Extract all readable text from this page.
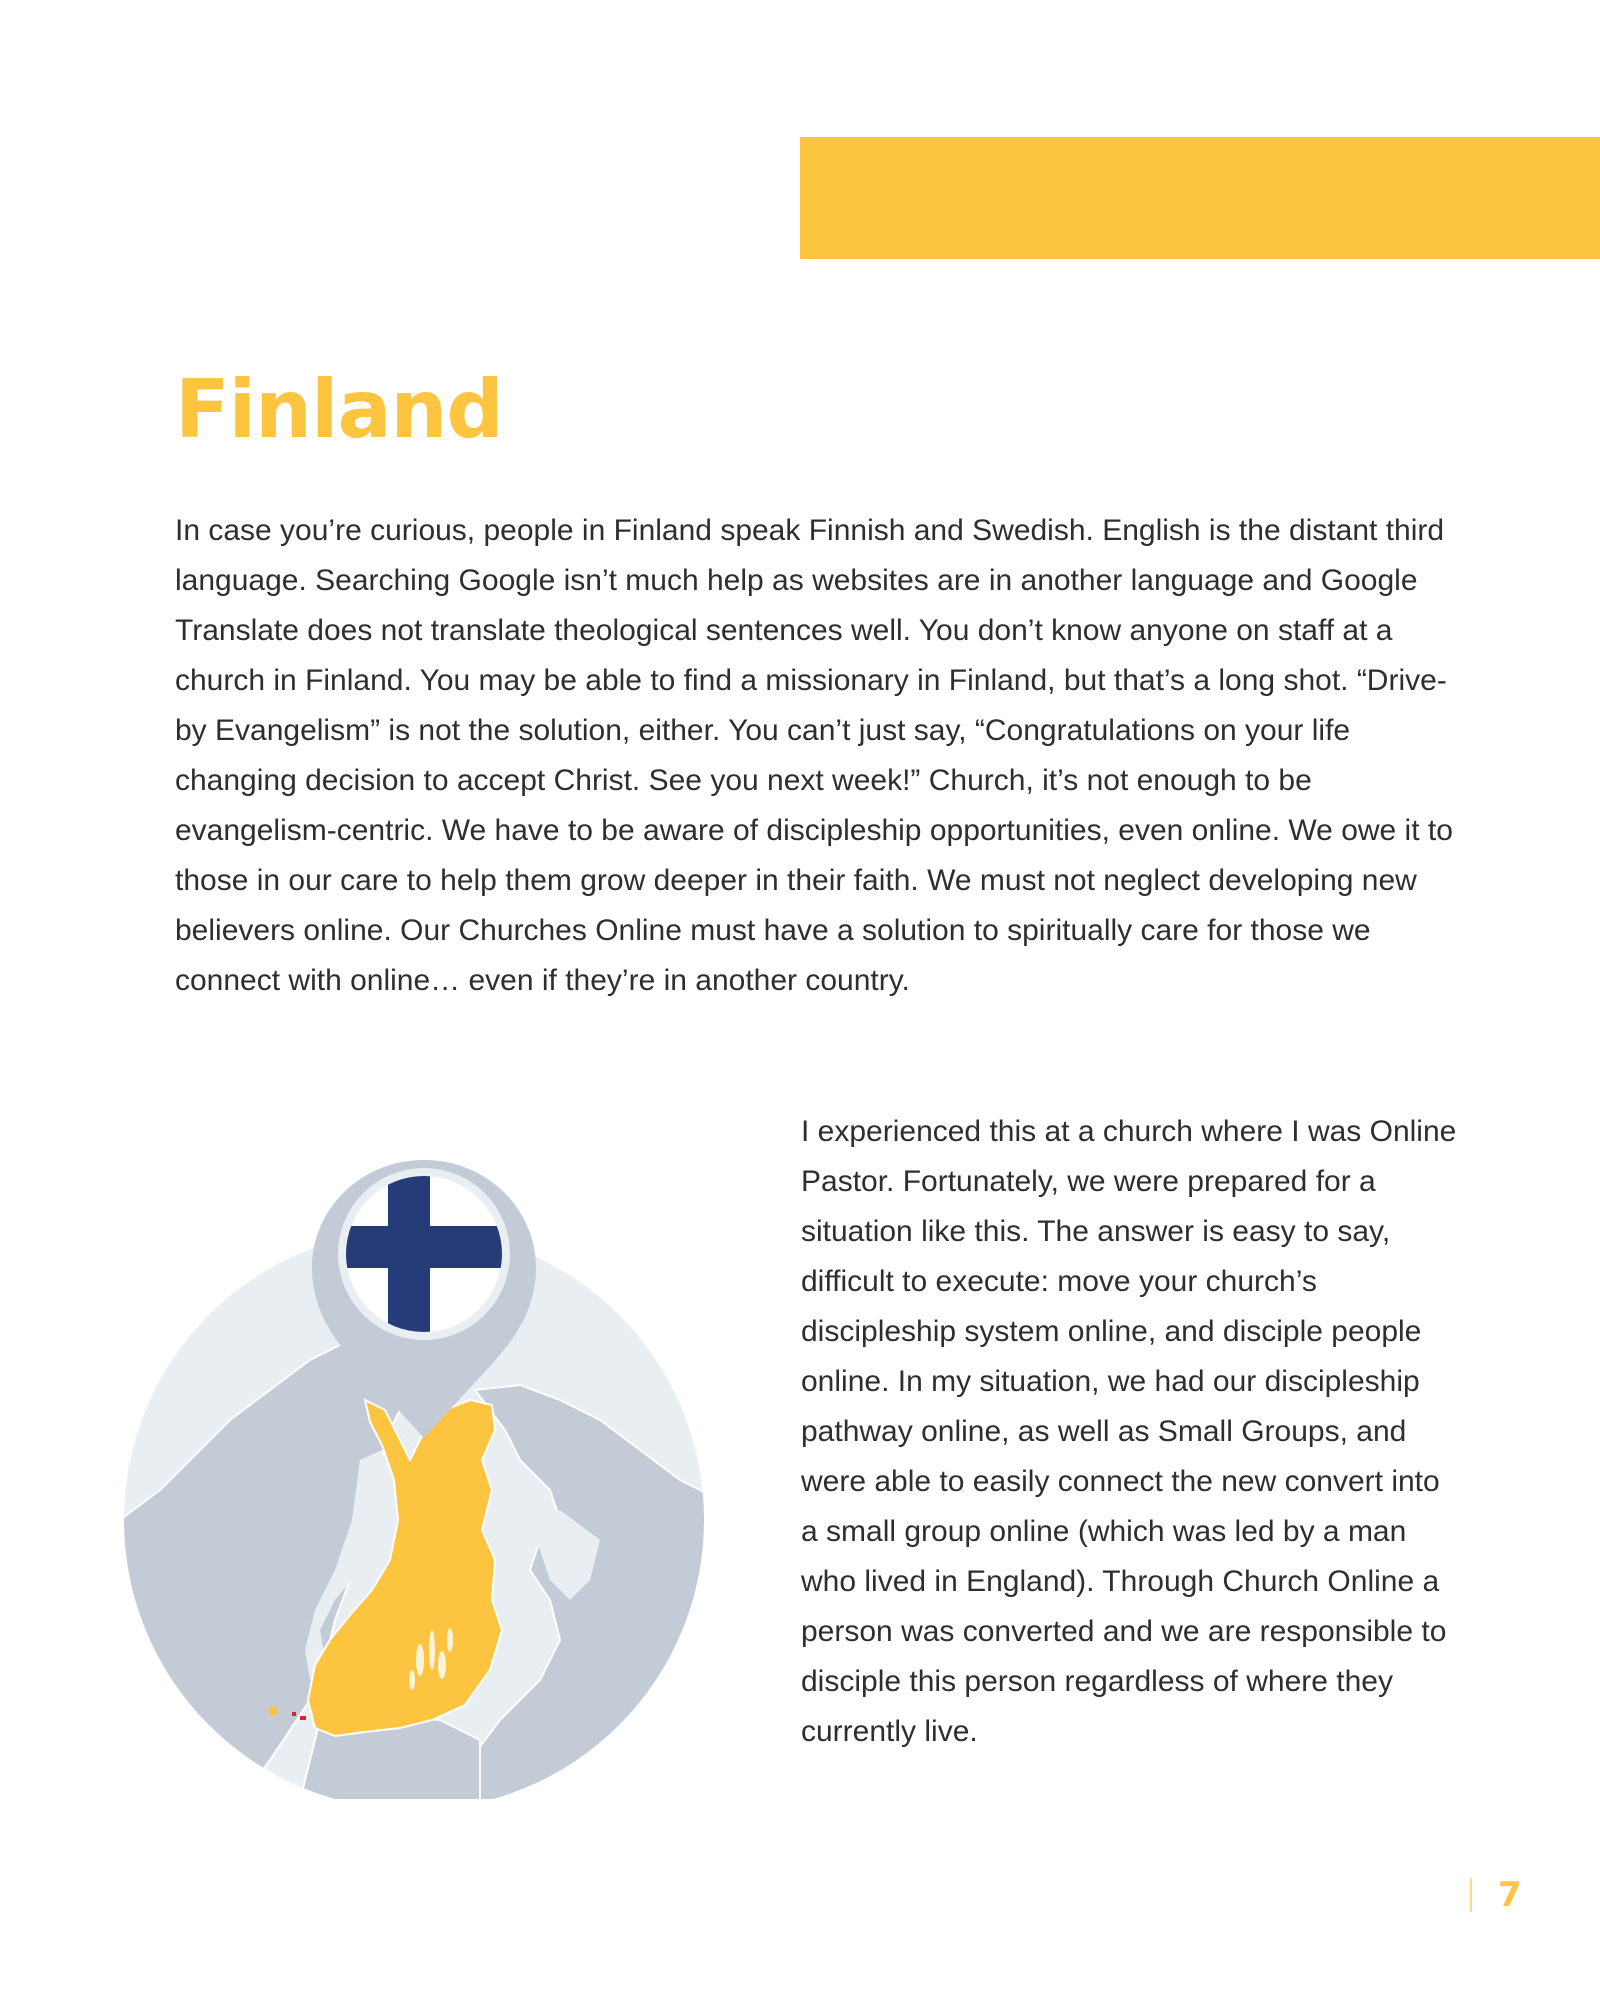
Finland

In case you’re curious, people in Finland speak Finnish and Swedish. English is the distant third language. Searching Google isn’t much help as websites are in another language and Google Translate does not translate theological sentences well. You don’t know anyone on staff at a church in Finland. You may be able to find a missionary in Finland, but that’s a long shot. “Drive-by Evangelism” is not the solution, either. You can’t just say, “Congratulations on your life changing decision to accept Christ. See you next week!” Church, it’s not enough to be evangelism-centric. We have to be aware of discipleship opportunities, even online. We owe it to those in our care to help them grow deeper in their faith. We must not neglect developing new believers online. Our Churches Online must have a solution to spiritually care for those we connect with online… even if they’re in another country.

I experienced this at a church where I was Online Pastor. Fortunately, we were prepared for a situation like this. The answer is easy to say, difficult to execute: move your church’s discipleship system online, and disciple people online. In my situation, we had our discipleship pathway online, as well as Small Groups, and were able to easily connect the new convert into a small group online (which was led by a man who lived in England). Through Church Online a person was converted and we are responsible to disciple this person regardless of where they currently live.

7
